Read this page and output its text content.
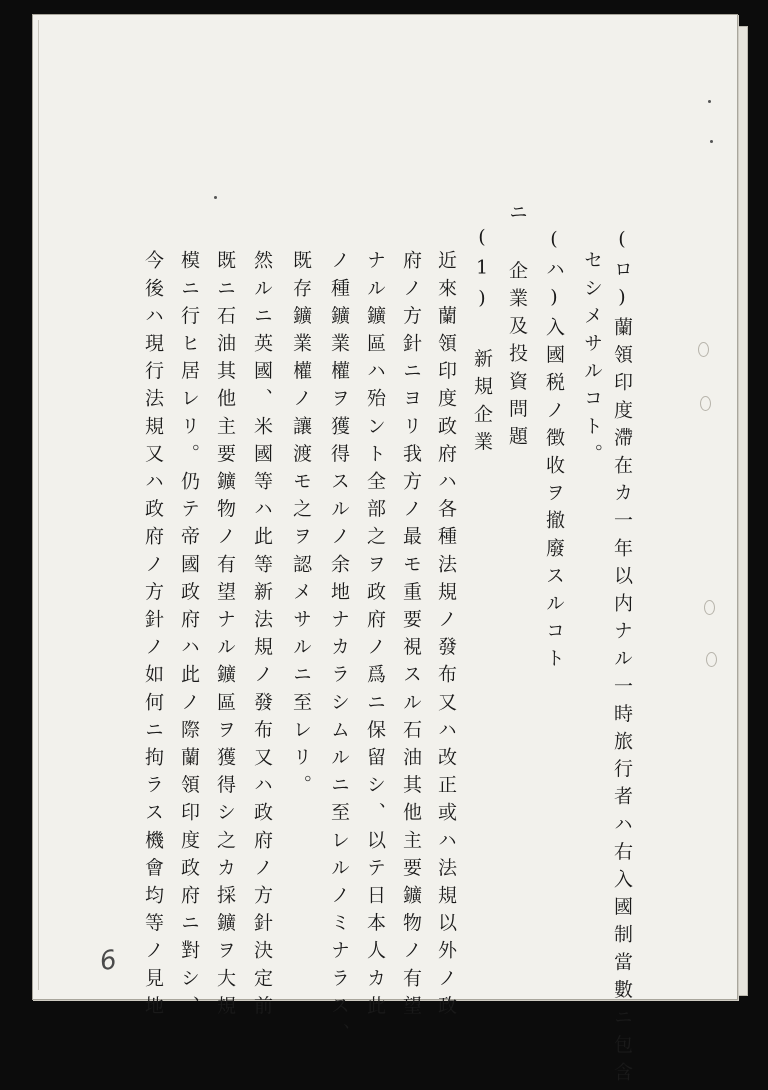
(ロ)蘭領印度滯在カ一年以内ナル一時旅行者ハ右入國制當數ニ包含
セシメサルコト。
(ハ)入國税ノ徴收ヲ撤廢スルコト
ニ 企業及投資問題
(1) 新規企業
近來蘭領印度政府ハ各種法規ノ發布又ハ改正或ハ法規以外ノ政
府ノ方針ニヨリ我方ノ最モ重要視スル石油其他主要鑛物ノ有望
ナル鑛區ハ殆ント全部之ヲ政府ノ爲ニ保留シ、以テ日本人カ此
ノ種鑛業權ヲ獲得スルノ余地ナカラシムルニ至レルノミナラス、
既存鑛業權ノ讓渡モ之ヲ認メサルニ至レリ。
然ルニ英國、米國等ハ此等新法規ノ發布又ハ政府ノ方針決定前
既ニ石油其他主要鑛物ノ有望ナル鑛區ヲ獲得シ之カ採鑛ヲ大規
模ニ行ヒ居レリ。仍テ帝國政府ハ此ノ際蘭領印度政府ニ對シ、
今後ハ現行法規又ハ政府ノ方針ノ如何ニ拘ラス機會均等ノ見地
6
